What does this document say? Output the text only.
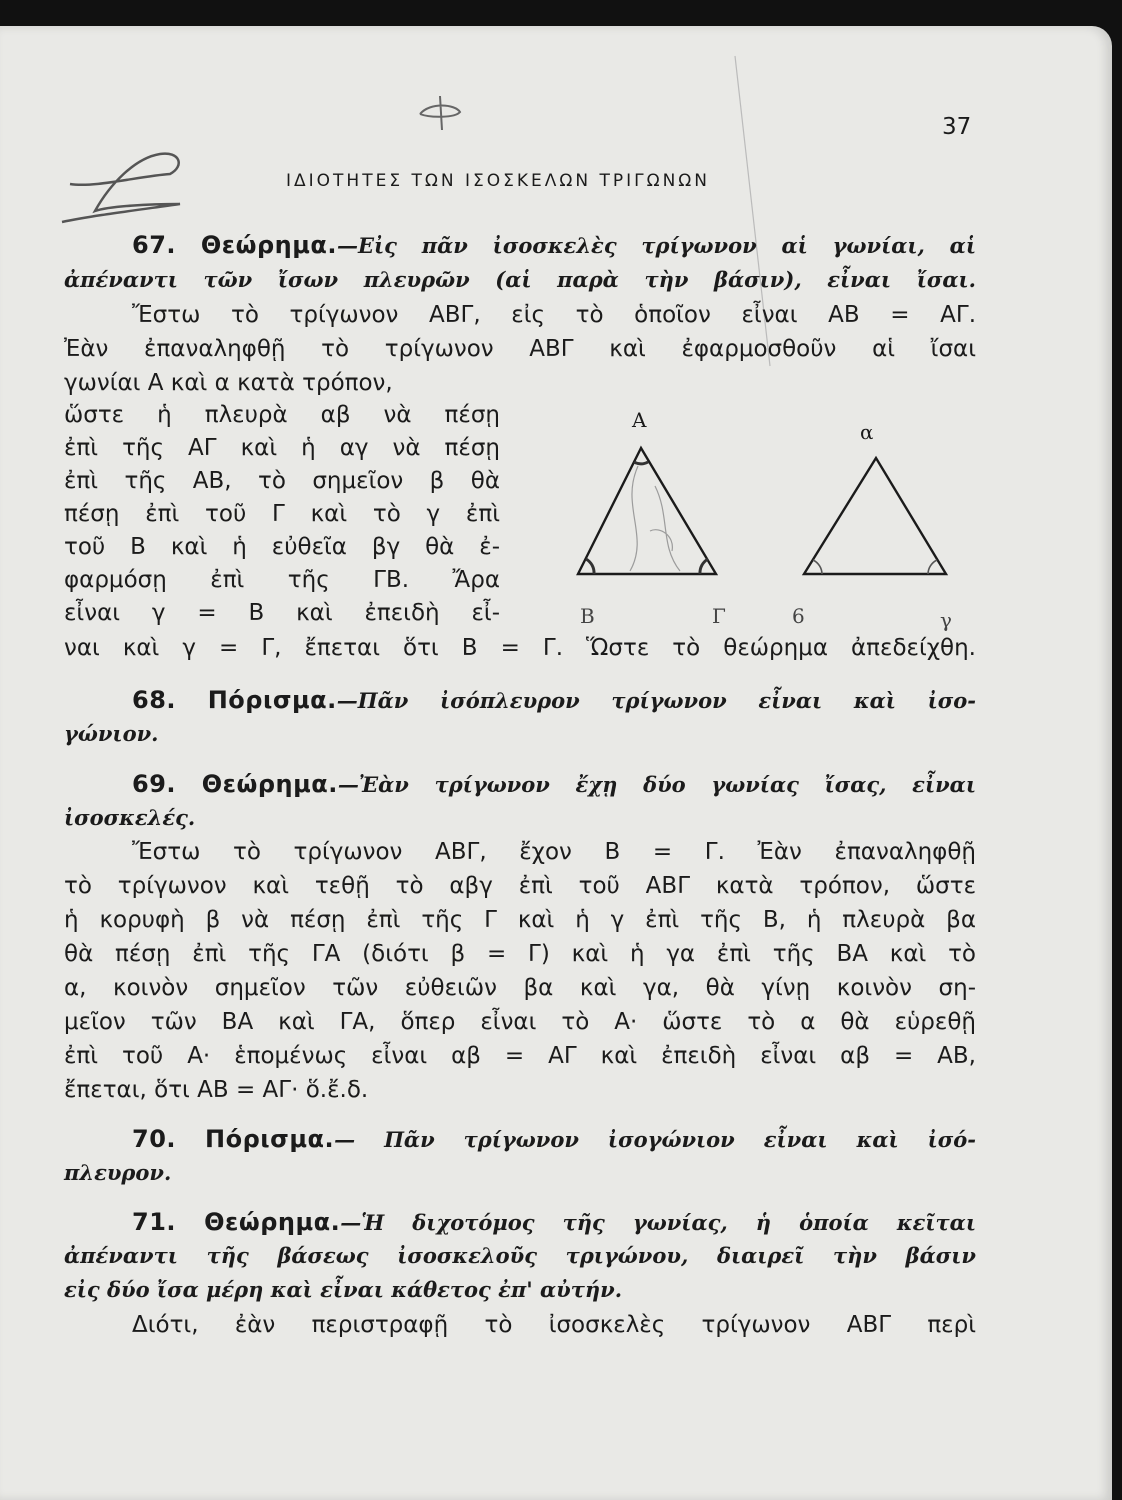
37
ΙΔΙΟΤΗΤΕΣ ΤΩΝ ΙΣΟΣΚΕΛΩΝ ΤΡΙΓΩΝΩΝ
67. Θεώρημα.—Εἰς πᾶν ἰσοσκελὲς τρίγωνον αἱ γωνίαι, αἱ
ἀπέναντι τῶν ἴσων πλευρῶν (αἱ παρὰ τὴν βάσιν), εἶναι ἴσαι.
Ἔστω τὸ τρίγωνον ΑΒΓ, εἰς τὸ ὁποῖον εἶναι ΑΒ = ΑΓ.
Ἐὰν ἐπαναληφθῇ τὸ τρίγωνον ΑΒΓ καὶ ἐφαρμοσθοῦν αἱ ἴσαι
γωνίαι Α καὶ α κατὰ τρόπον,
ὥστε ἡ πλευρὰ αβ νὰ πέσῃ
ἐπὶ τῆς ΑΓ καὶ ἡ αγ νὰ πέσῃ
ἐπὶ τῆς ΑΒ, τὸ σημεῖον β θὰ
πέσῃ ἐπὶ τοῦ Γ καὶ τὸ γ ἐπὶ
τοῦ Β καὶ ἡ εὐθεῖα βγ θὰ ἐ-
φαρμόσῃ ἐπὶ τῆς ΓΒ. Ἄρα
εἶναι γ = Β καὶ ἐπειδὴ εἶ-
ναι καὶ γ = Γ, ἔπεται ὅτι Β = Γ. Ὥστε τὸ θεώρημα ἀπεδείχθη.
68. Πόρισμα.—Πᾶν ἰσόπλευρον τρίγωνον εἶναι καὶ ἰσο-
γώνιον.
69. Θεώρημα.—Ἐὰν τρίγωνον ἔχῃ δύο γωνίας ἴσας, εἶναι
ἰσοσκελές.
Ἔστω τὸ τρίγωνον ΑΒΓ, ἔχον Β = Γ. Ἐὰν ἐπαναληφθῇ
τὸ τρίγωνον καὶ τεθῇ τὸ αβγ ἐπὶ τοῦ ΑΒΓ κατὰ τρόπον, ὥστε
ἡ κορυφὴ β νὰ πέσῃ ἐπὶ τῆς Γ καὶ ἡ γ ἐπὶ τῆς Β, ἡ πλευρὰ βα
θὰ πέσῃ ἐπὶ τῆς ΓΑ (διότι β = Γ) καὶ ἡ γα ἐπὶ τῆς ΒΑ καὶ τὸ
α, κοινὸν σημεῖον τῶν εὐθειῶν βα καὶ γα, θὰ γίνῃ κοινὸν ση-
μεῖον τῶν ΒΑ καὶ ΓΑ, ὅπερ εἶναι τὸ Α· ὥστε τὸ α θὰ εὑρεθῇ
ἐπὶ τοῦ Α· ἑπομένως εἶναι αβ = ΑΓ καὶ ἐπειδὴ εἶναι αβ = ΑΒ,
ἔπεται, ὅτι ΑΒ = ΑΓ· ὅ.ἔ.δ.
70. Πόρισμα.— Πᾶν τρίγωνον ἰσογώνιον εἶναι καὶ ἰσό-
πλευρον.
71. Θεώρημα.—Ἡ διχοτόμος τῆς γωνίας, ἡ ὁποία κεῖται
ἀπέναντι τῆς βάσεως ἰσοσκελοῦς τριγώνου, διαιρεῖ τὴν βάσιν
εἰς δύο ἴσα μέρη καὶ εἶναι κάθετος ἐπ' αὐτήν.
Διότι, ἐὰν περιστραφῇ τὸ ἰσοσκελὲς τρίγωνον ΑΒΓ περὶ
Α	α
B	Γ	6	γ
